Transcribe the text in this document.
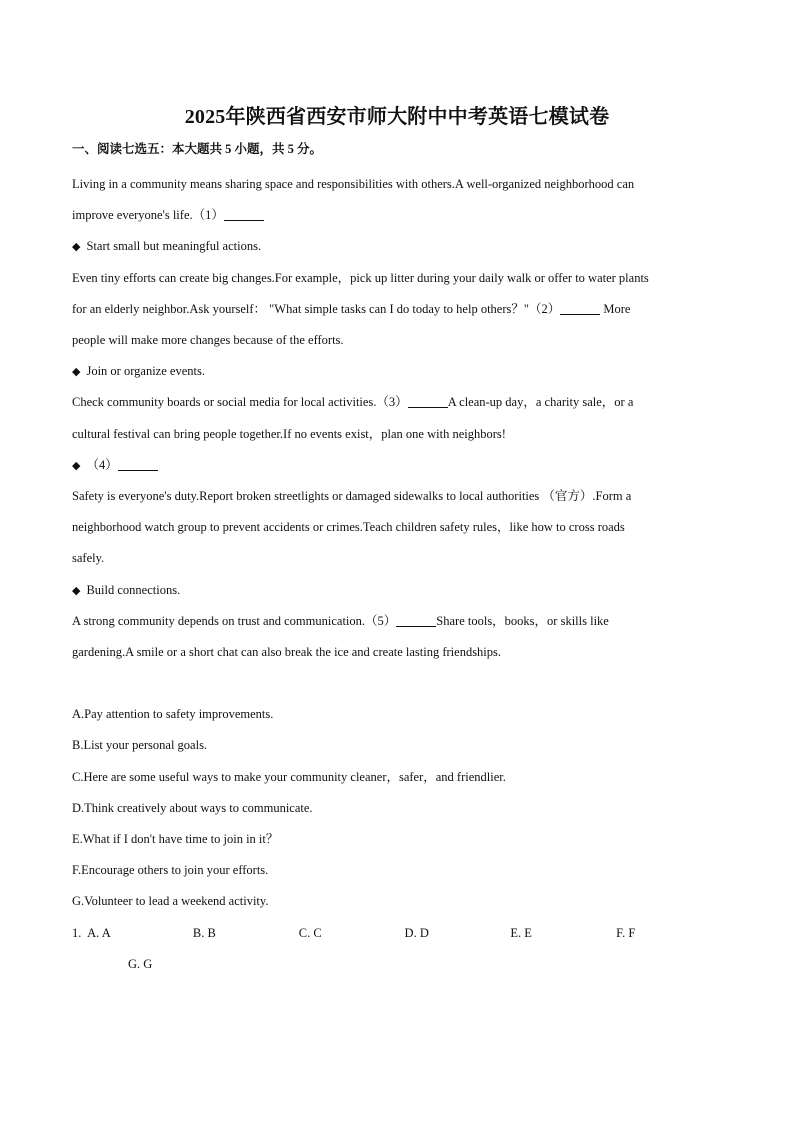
2025年陕西省西安市师大附中中考英语七模试卷
一、阅读七选五：本大题共 5 小题，共 5 分。

Living in a community means sharing space and responsibilities with others.A well-organized neighborhood can

improve everyone's life.（1）

◆ Start small but meaningful actions.

Even tiny efforts can create big changes.For example，pick up litter during your daily walk or offer to water plants

for an elderly neighbor.Ask yourself： "What simple tasks can I do today to help others？"（2）	More

people will make more changes because of the efforts.

◆ Join or organize events.

Check community boards or social media for local activities.（3）	A clean-up day，a charity sale，or a

cultural festival can bring people together.If no events exist，plan one with neighbors!

◆ （4）

Safety is everyone's duty.Report broken streetlights or damaged sidewalks to local authorities （官方）.Form a

neighborhood watch group to prevent accidents or crimes.Teach children safety rules，like how to cross roads

safely.

◆ Build connections.

A strong community depends on trust and communication.（5）	Share tools，books，or skills like

gardening.A smile or a short chat can also break the ice and create lasting friendships.

A.Pay attention to safety improvements.

B.List your personal goals.

C.Here are some useful ways to make your community cleaner，safer，and friendlier.

D.Think creatively about ways to communicate.

E.What if I don't have time to join in it？

F.Encourage others to join your efforts.

G.Volunteer to lead a weekend activity.

1. A. A	B. B	C. C	D. D	E. E	F. F

G. G
